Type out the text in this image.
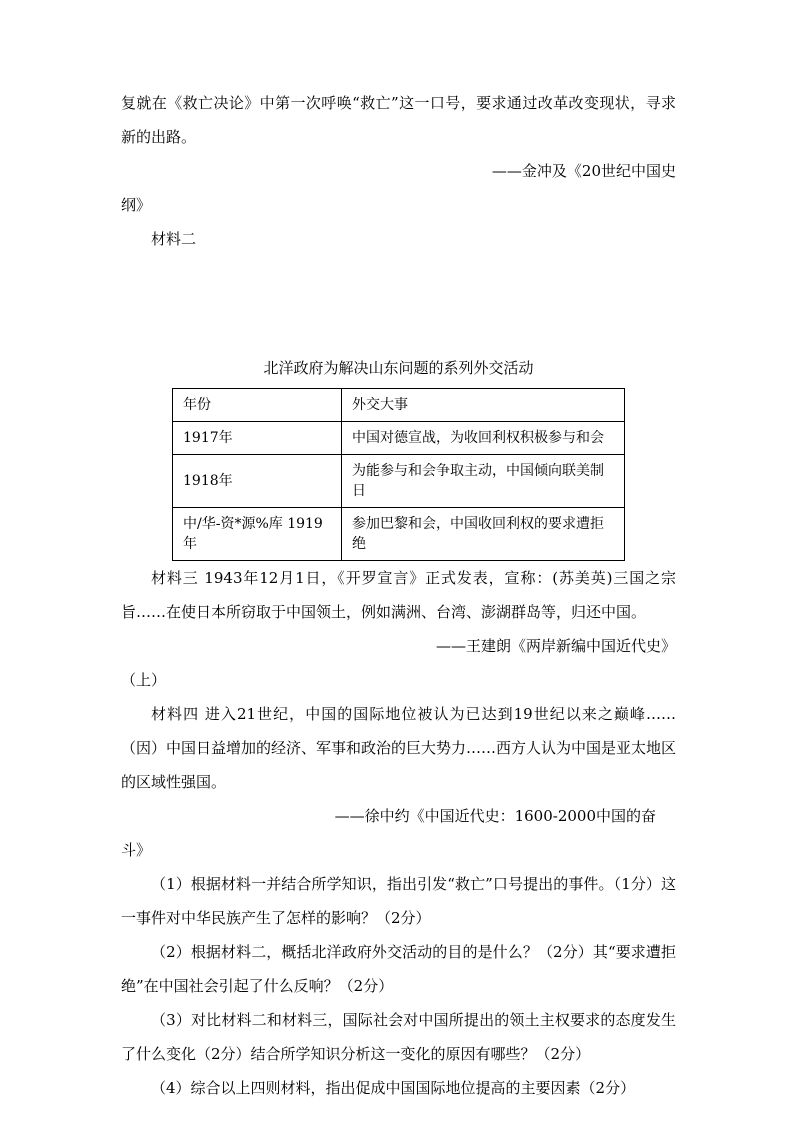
复就在《救亡决论》中第一次呼唤“救亡”这一口号，要求通过改革改变现状，寻求新的出路。

——金冲及《20世纪中国史

纲》

材料二

北洋政府为解决山东问题的系列外交活动

年份	外交大事
1917年	中国对德宣战，为收回利权积极参与和会
1918年	为能参与和会争取主动，中国倾向联美制日
中/华-资*源%库 1919年	参加巴黎和会，中国收回利权的要求遭拒绝

材料三 1943年12月1日，《开罗宣言》正式发表，宣称：(苏美英)三国之宗旨……在使日本所窃取于中国领土，例如满洲、台湾、澎湖群岛等，归还中国。

——王建朗《两岸新编中国近代史》

（上）

材料四 进入21世纪，中国的国际地位被认为已达到19世纪以来之巅峰……（因）中国日益增加的经济、军事和政治的巨大势力……西方人认为中国是亚太地区的区域性强国。

——徐中约《中国近代史：1600-2000中国的奋

斗》

（1）根据材料一并结合所学知识，指出引发“救亡”口号提出的事件。（1分）这一事件对中华民族产生了怎样的影响？（2分）

（2）根据材料二，概括北洋政府外交活动的目的是什么？（2分）其“要求遭拒绝”在中国社会引起了什么反响？（2分）

（3）对比材料二和材料三，国际社会对中国所提出的领土主权要求的态度发生了什么变化（2分）结合所学知识分析这一变化的原因有哪些？（2分）

（4）综合以上四则材料，指出促成中国国际地位提高的主要因素（2分）
